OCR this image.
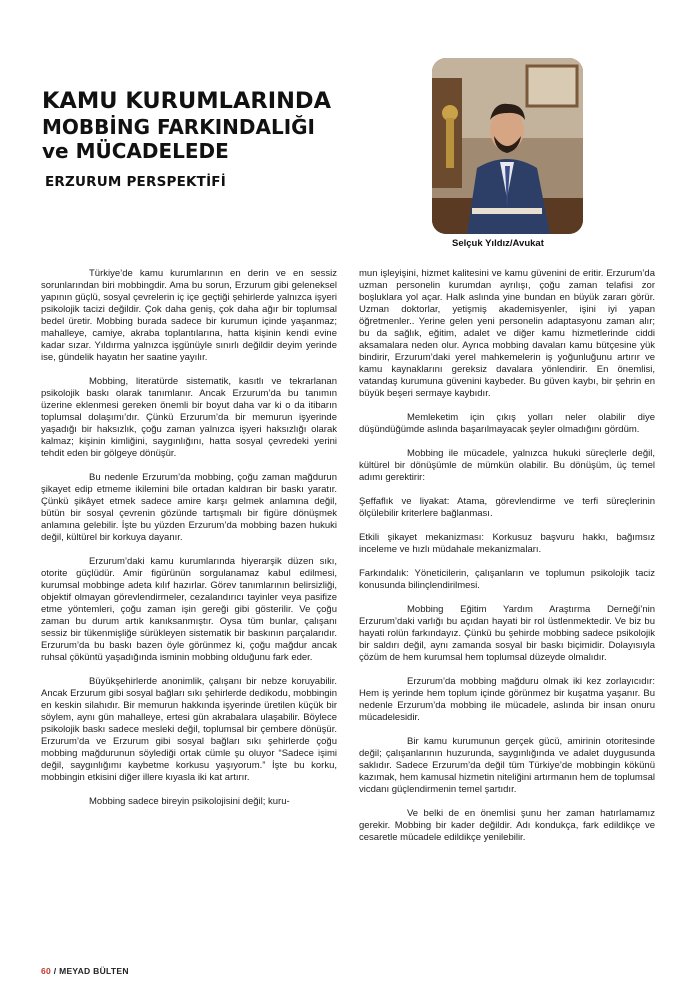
KAMU KURUMLARINDA
MOBBİNG FARKINDALIĞI
ve MÜCADELEDE
ERZURUM PERSPEKTİFİ
Selçuk Yıldız/Avukat

Türkiye’de kamu kurumlarının en derin ve en sessiz sorunlarından biri mobbingdir. Ama bu sorun, Erzurum gibi geleneksel yapının güçlü, sosyal çevrelerin iç içe geçtiği şehirlerde yalnızca işyeri psikolojik tacizi değildir. Çok daha geniş, çok daha ağır bir toplumsal bedel üretir. Mobbing burada sadece bir kurumun içinde yaşanmaz; mahalleye, camiye, akraba toplantılarına, hatta kişinin kendi evine kadar sızar. Yıldırma yalnızca işgünüyle sınırlı değildir deyim yerinde ise, gündelik hayatın her saatine yayılır.

Mobbing, literatürde sistematik, kasıtlı ve tekrarlanan psikolojik baskı olarak tanımlanır. Ancak Erzurum’da bu tanımın üzerine eklenmesi gereken önemli bir boyut daha var ki o da itibarın toplumsal dolaşımı’dır. Çünkü Erzurum’da bir memurun işyerinde yaşadığı bir haksızlık, çoğu zaman yalnızca işyeri haksızlığı olarak kalmaz; kişinin kimliğini, saygınlığını, hatta sosyal çevredeki yerini tehdit eden bir gölgeye dönüşür.

Bu nedenle Erzurum’da mobbing, çoğu zaman mağdurun şikayet edip etmeme ikilemini bile ortadan kaldıran bir baskı yaratır. Çünkü şikâyet etmek sadece amire karşı gelmek anlamına değil, bütün bir sosyal çevrenin gözünde tartışmalı bir figüre dönüşmek anlamına gelebilir. İşte bu yüzden Erzurum’da mobbing bazen hukuki değil, kültürel bir korkuya dayanır.

Erzurum’daki kamu kurumlarında hiyerarşik düzen sıkı, otorite güçlüdür. Amir figürünün sorgulanamaz kabul edilmesi, kurumsal mobbinge adeta kılıf hazırlar. Görev tanımlarının belirsizliği, objektif olmayan görevlendirmeler, cezalandırıcı tayinler veya pasifize etme yöntemleri, çoğu zaman işin gereği gibi gösterilir. Ve çoğu zaman bu durum artık kanıksanmıştır. Oysa tüm bunlar, çalışanı sessiz bir tükenmişliğe sürükleyen sistematik bir baskının parçalarıdır. Erzurum’da bu baskı bazen öyle görünmez ki, çoğu mağdur ancak ruhsal çöküntü yaşadığında isminin mobbing olduğunu fark eder.

Büyükşehirlerde anonimlik, çalışanı bir nebze koruyabilir. Ancak Erzurum gibi sosyal bağları sıkı şehirlerde dedikodu, mobbingin en keskin silahıdır. Bir memurun hakkında işyerinde üretilen küçük bir söylem, aynı gün mahalleye, ertesi gün akrabalara ulaşabilir. Böylece psikolojik baskı sadece mesleki değil, toplumsal bir çembere dönüşür. Erzurum’da ve Erzurum gibi sosyal bağları sıkı şehirlerde çoğu mobbing mağdurunun söylediği ortak cümle şu oluyor “Sadece işimi değil, saygınlığımı kaybetme korkusu yaşıyorum.” İşte bu korku, mobbingin etkisini diğer illere kıyasla iki kat artırır.

Mobbing sadece bireyin psikolojisini değil; kuru-

mun işleyişini, hizmet kalitesini ve kamu güvenini de eritir. Erzurum’da uzman personelin kurumdan ayrılışı, çoğu zaman telafisi zor boşluklara yol açar. Halk aslında yine bundan en büyük zararı görür. Uzman doktorlar, yetişmiş akademisyenler, işini iyi yapan öğretmenler.. Yerine gelen yeni personelin adaptasyonu zaman alır; bu da sağlık, eğitim, adalet ve diğer kamu hizmetlerinde ciddi aksamalara neden olur. Ayrıca mobbing davaları kamu bütçesine yük bindirir, Erzurum’daki yerel mahkemelerin iş yoğunluğunu artırır ve kamu kaynaklarını gereksiz davalara yönlendirir. En önemlisi, vatandaş kurumuna güvenini kaybeder. Bu güven kaybı, bir şehrin en büyük beşeri sermaye kaybıdır.

Memleketim için çıkış yolları neler olabilir diye düşündüğümde aslında başarılmayacak şeyler olmadığını gördüm.

Mobbing ile mücadele, yalnızca hukuki süreçlerle değil, kültürel bir dönüşümle de mümkün olabilir. Bu dönüşüm, üç temel adımı gerektirir:

Şeffaflık ve liyakat: Atama, görevlendirme ve terfi süreçlerinin ölçülebilir kriterlere bağlanması.

Etkili şikayet mekanizması: Korkusuz başvuru hakkı, bağımsız inceleme ve hızlı müdahale mekanizmaları.

Farkındalık: Yöneticilerin, çalışanların ve toplumun psikolojik taciz konusunda bilinçlendirilmesi.

Mobbing Eğitim Yardım Araştırma Derneği’nin Erzurum’daki varlığı bu açıdan hayati bir rol üstlenmektedir. Ve biz bu hayati rolün farkındayız. Çünkü bu şehirde mobbing sadece psikolojik bir saldırı değil, aynı zamanda sosyal bir baskı biçimidir. Dolayısıyla çözüm de hem kurumsal hem toplumsal düzeyde olmalıdır.

Erzurum’da mobbing mağduru olmak iki kez zorlayıcıdır: Hem iş yerinde hem toplum içinde görünmez bir kuşatma yaşanır. Bu nedenle Erzurum’da mobbing ile mücadele, aslında bir insan onuru mücadelesidir.

Bir kamu kurumunun gerçek gücü, amirinin otoritesinde değil; çalışanlarının huzurunda, saygınlığında ve adalet duygusunda saklıdır. Sadece Erzurum’da değil tüm Türkiye’de mobbingin kökünü kazımak, hem kamusal hizmetin niteliğini artırmanın hem de toplumsal vicdanı güçlendirmenin temel şartıdır.

Ve belki de en önemlisi şunu her zaman hatırlamamız gerekir. Mobbing bir kader değildir. Adı kondukça, fark edildikçe ve cesaretle mücadele edildikçe yenilebilir.

60 / MEYAD BÜLTEN
